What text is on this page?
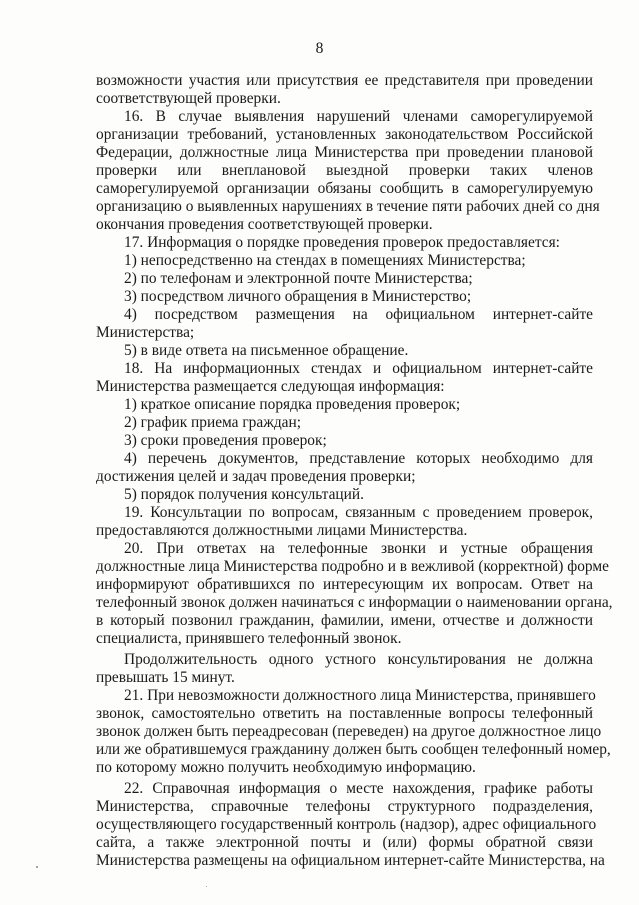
8
возможности участия или присутствия ее представителя при проведении
соответствующей проверки.
16. В случае выявления нарушений членами саморегулируемой
организации требований, установленных законодательством Российской
Федерации, должностные лица Министерства при проведении плановой
проверки или внеплановой выездной проверки таких членов
саморегулируемой организации обязаны сообщить в саморегулируемую
организацию о выявленных нарушениях в течение пяти рабочих дней со дня
окончания проведения соответствующей проверки.
17. Информация о порядке проведения проверок предоставляется:
1) непосредственно на стендах в помещениях Министерства;
2) по телефонам и электронной почте Министерства;
3) посредством личного обращения в Министерство;
4) посредством размещения на официальном интернет-сайте
Министерства;
5) в виде ответа на письменное обращение.
18. На информационных стендах и официальном интернет-сайте
Министерства размещается следующая информация:
1) краткое описание порядка проведения проверок;
2) график приема граждан;
3) сроки проведения проверок;
4) перечень документов, представление которых необходимо для
достижения целей и задач проведения проверки;
5) порядок получения консультаций.
19. Консультации по вопросам, связанным с проведением проверок,
предоставляются должностными лицами Министерства.
20. При ответах на телефонные звонки и устные обращения
должностные лица Министерства подробно и в вежливой (корректной) форме
информируют обратившихся по интересующим их вопросам. Ответ на
телефонный звонок должен начинаться с информации о наименовании органа,
в который позвонил гражданин, фамилии, имени, отчестве и должности
специалиста, принявшего телефонный звонок.
Продолжительность одного устного консультирования не должна
превышать 15 минут.
21. При невозможности должностного лица Министерства, принявшего
звонок, самостоятельно ответить на поставленные вопросы телефонный
звонок должен быть переадресован (переведен) на другое должностное лицо
или же обратившемуся гражданину должен быть сообщен телефонный номер,
по которому можно получить необходимую информацию.
22. Справочная информация о месте нахождения, графике работы
Министерства, справочные телефоны структурного подразделения,
осуществляющего государственный контроль (надзор), адрес официального
сайта, а также электронной почты и (или) формы обратной связи
Министерства размещены на официальном интернет-сайте Министерства, на
